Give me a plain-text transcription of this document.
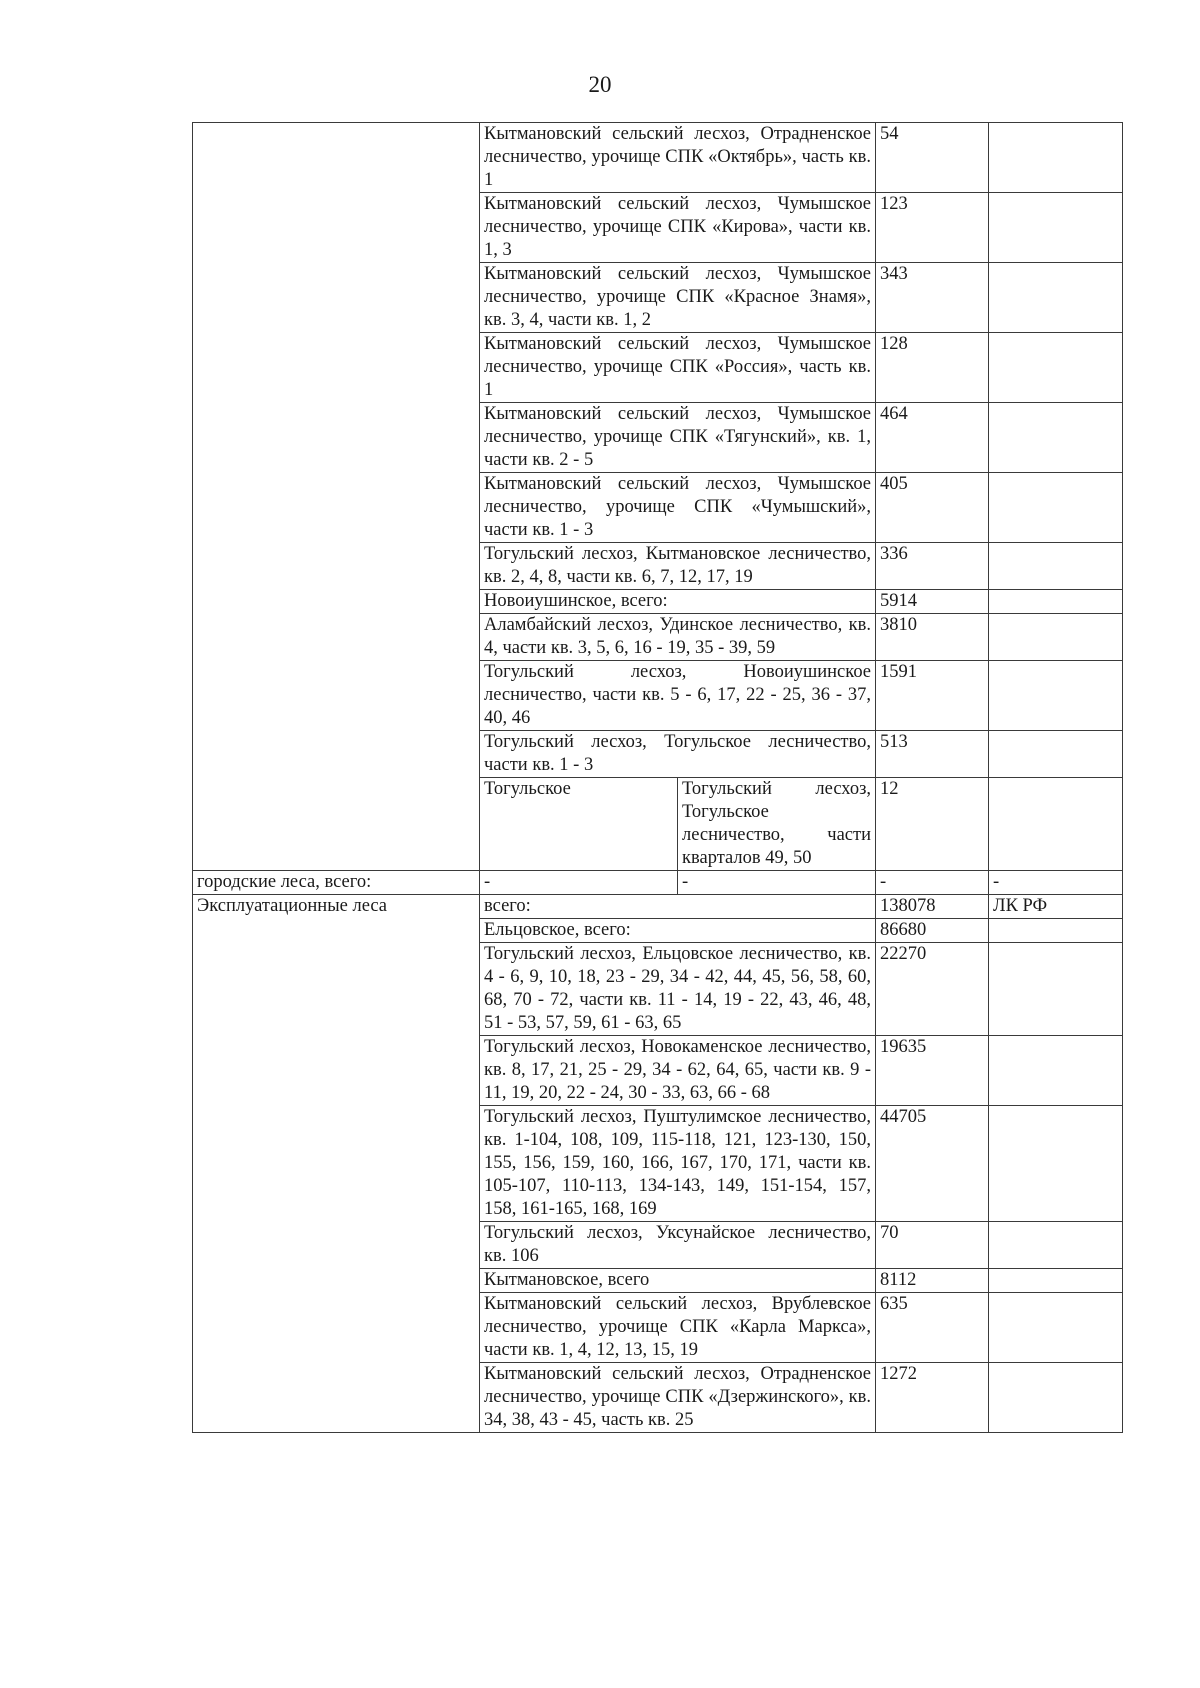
20
	Кытмановский сельский лесхоз, Отрадненское лесничество, урочище СПК «Октябрь», часть кв. 1		54	
	Кытмановский сельский лесхоз, Чумышское лесничество, урочище СПК «Кирова», части кв. 1, 3		123	
	Кытмановский сельский лесхоз, Чумышское лесничество, урочище СПК «Красное Знамя», кв. 3, 4, части кв. 1, 2		343	
	Кытмановский сельский лесхоз, Чумышское лесничество, урочище СПК «Россия», часть кв. 1		128	
	Кытмановский сельский лесхоз, Чумышское лесничество, урочище СПК «Тягунский», кв. 1, части кв. 2 - 5		464	
	Кытмановский сельский лесхоз, Чумышское лесничество, урочище СПК «Чумышский», части кв. 1 - 3		405	
	Тогульский лесхоз, Кытмановское лесничество, кв. 2, 4, 8, части кв. 6, 7, 12, 17, 19		336	
	Новоиушинское, всего:		5914	
	Аламбайский лесхоз, Удинское лесничество, кв. 4, части кв. 3, 5, 6, 16 - 19, 35 - 39, 59		3810	
	Тогульский лесхоз, Новоиушинское лесничество, части кв. 5 - 6, 17, 22 - 25, 36 - 37, 40, 46		1591	
	Тогульский лесхоз, Тогульское лесничество, части кв. 1 - 3		513	
	Тогульское	Тогульский лесхоз, Тогульское лесничество, части кварталов 49, 50	12	
городские леса, всего:	-	-	-	-
Эксплуатационные леса	всего:		138078	ЛК РФ
	Ельцовское, всего:		86680	
	Тогульский лесхоз, Ельцовское лесничество, кв. 4 - 6, 9, 10, 18, 23 - 29, 34 - 42, 44, 45, 56, 58, 60, 68, 70 - 72, части кв. 11 - 14, 19 - 22, 43, 46, 48, 51 - 53, 57, 59, 61 - 63, 65		22270	
	Тогульский лесхоз, Новокаменское лесничество, кв. 8, 17, 21, 25 - 29, 34 - 62, 64, 65, части кв. 9 - 11, 19, 20, 22 - 24, 30 - 33, 63, 66 - 68		19635	
	Тогульский лесхоз, Пуштулимское лесничество, кв. 1-104, 108, 109, 115-118, 121, 123-130, 150, 155, 156, 159, 160, 166, 167, 170, 171, части кв. 105-107, 110-113, 134-143, 149, 151-154, 157, 158, 161-165, 168, 169		44705	
	Тогульский лесхоз, Уксунайское лесничество, кв. 106		70	
	Кытмановское, всего		8112	
	Кытмановский сельский лесхоз, Врублевское лесничество, урочище СПК «Карла Маркса», части кв. 1, 4, 12, 13, 15, 19		635	
	Кытмановский сельский лесхоз, Отрадненское лесничество, урочище СПК «Дзержинского», кв. 34, 38, 43 - 45, часть кв. 25		1272	
